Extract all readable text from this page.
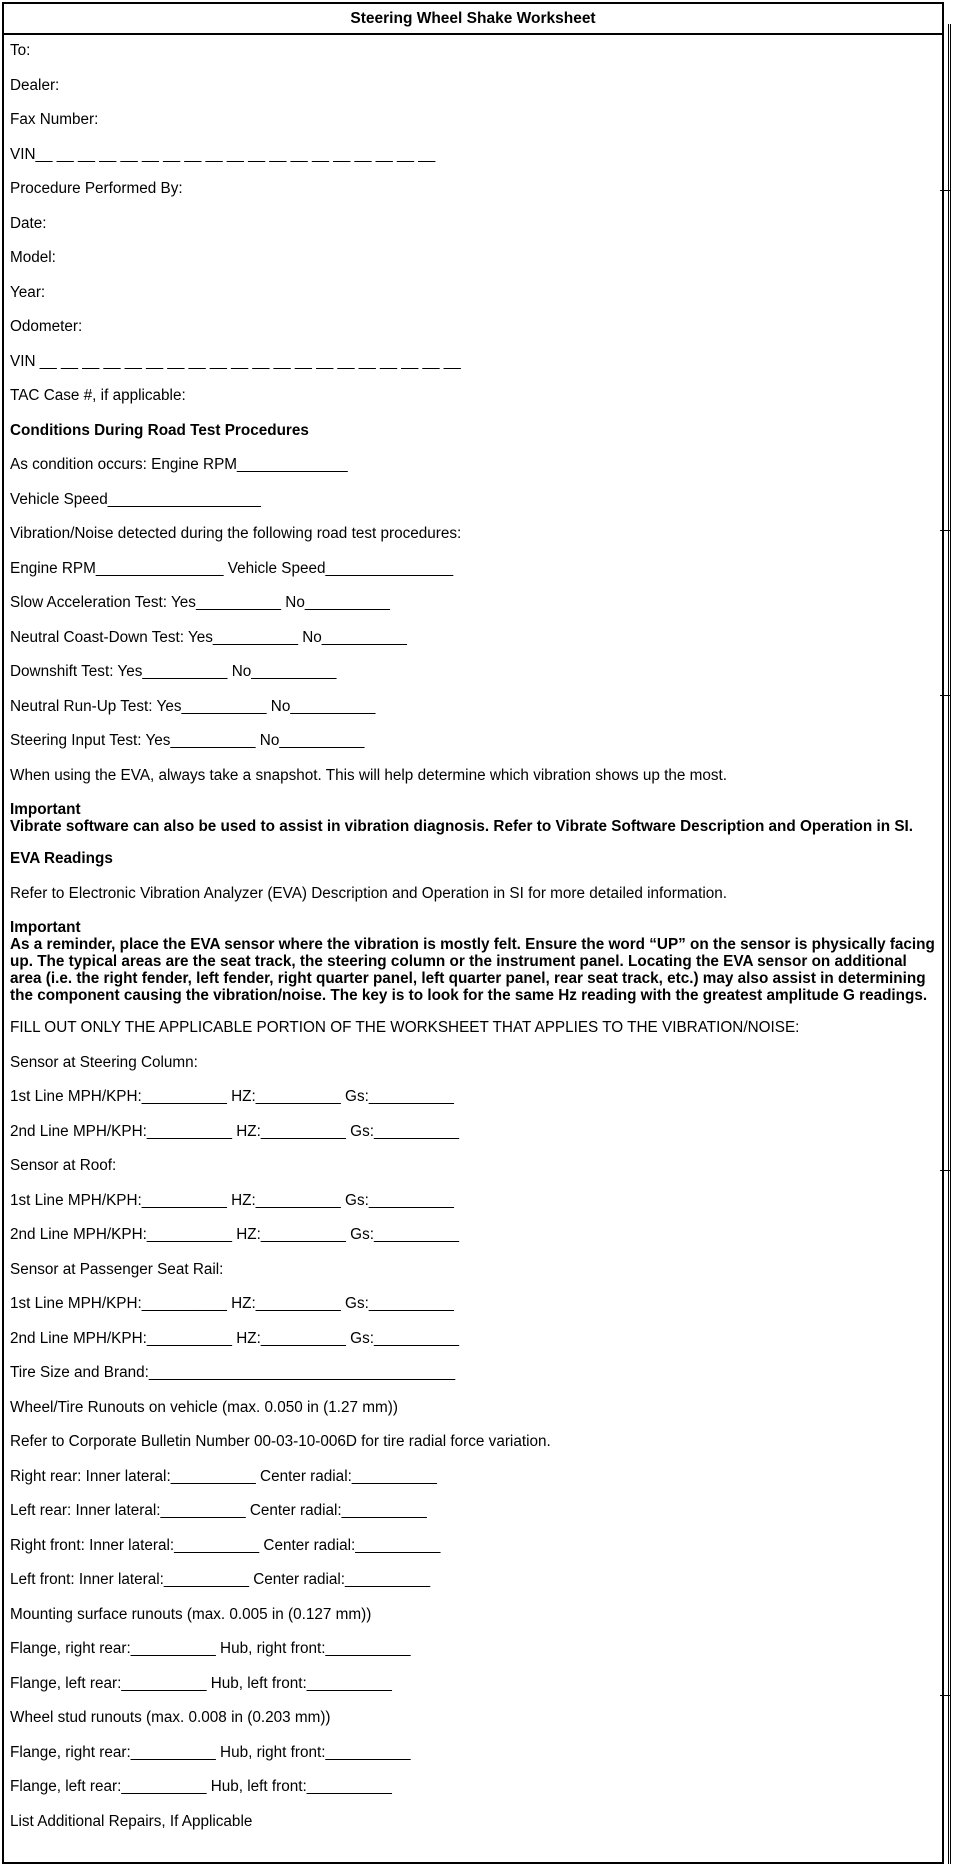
Steering Wheel Shake Worksheet
To:
Dealer:
Fax Number:
VIN__ __ __ __ __ __ __ __ __ __ __ __ __ __ __ __ __ __ __
Procedure Performed By:
Date:
Model:
Year:
Odometer:
VIN __ __ __ __ __ __ __ __ __ __ __ __ __ __ __ __ __ __ __ __
TAC Case #, if applicable:
Conditions During Road Test Procedures
As condition occurs: Engine RPM_____________
Vehicle Speed__________________
Vibration/Noise detected during the following road test procedures:
Engine RPM_______________ Vehicle Speed_______________
Slow Acceleration Test: Yes__________ No__________
Neutral Coast-Down Test: Yes__________ No__________
Downshift Test: Yes__________ No__________
Neutral Run-Up Test: Yes__________ No__________
Steering Input Test: Yes__________ No__________
When using the EVA, always take a snapshot. This will help determine which vibration shows up the most.
Important
Vibrate software can also be used to assist in vibration diagnosis. Refer to Vibrate Software Description and Operation in SI.
EVA Readings
Refer to Electronic Vibration Analyzer (EVA) Description and Operation in SI for more detailed information.
Important
As a reminder, place the EVA sensor where the vibration is mostly felt. Ensure the word “UP” on the sensor is physically facing up. The typical areas are the seat track, the steering column or the instrument panel. Locating the EVA sensor on additional area (i.e. the right fender, left fender, right quarter panel, left quarter panel, rear seat track, etc.) may also assist in determining the component causing the vibration/noise. The key is to look for the same Hz reading with the greatest amplitude G readings.
FILL OUT ONLY THE APPLICABLE PORTION OF THE WORKSHEET THAT APPLIES TO THE VIBRATION/NOISE:
Sensor at Steering Column:
1st Line MPH/KPH:__________ HZ:__________ Gs:__________
2nd Line MPH/KPH:__________ HZ:__________ Gs:__________
Sensor at Roof:
1st Line MPH/KPH:__________ HZ:__________ Gs:__________
2nd Line MPH/KPH:__________ HZ:__________ Gs:__________
Sensor at Passenger Seat Rail:
1st Line MPH/KPH:__________ HZ:__________ Gs:__________
2nd Line MPH/KPH:__________ HZ:__________ Gs:__________
Tire Size and Brand:____________________________________
Wheel/Tire Runouts on vehicle (max. 0.050 in (1.27 mm))
Refer to Corporate Bulletin Number 00-03-10-006D for tire radial force variation.
Right rear: Inner lateral:__________ Center radial:__________
Left rear: Inner lateral:__________ Center radial:__________
Right front: Inner lateral:__________ Center radial:__________
Left front: Inner lateral:__________ Center radial:__________
Mounting surface runouts (max. 0.005 in (0.127 mm))
Flange, right rear:__________ Hub, right front:__________
Flange, left rear:__________ Hub, left front:__________
Wheel stud runouts (max. 0.008 in (0.203 mm))
Flange, right rear:__________ Hub, right front:__________
Flange, left rear:__________ Hub, left front:__________
List Additional Repairs, If Applicable
